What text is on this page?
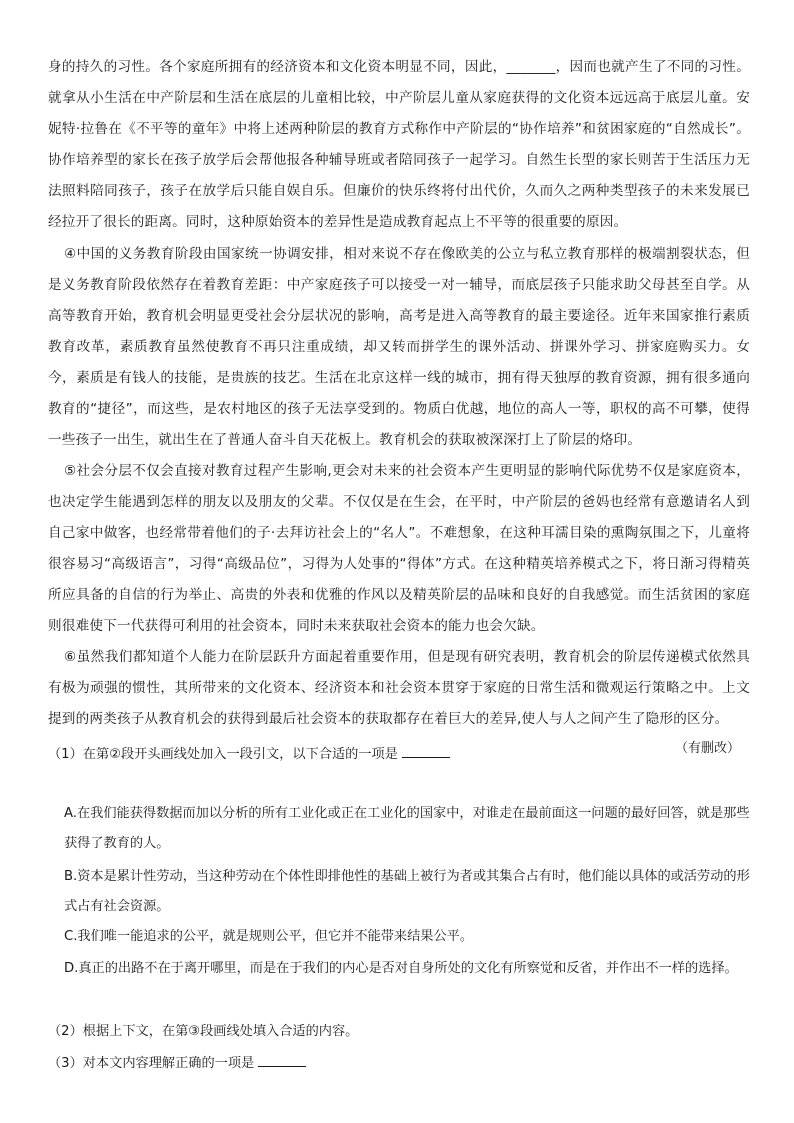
身的持久的习性。各个家庭所拥有的经济资本和文化资本明显不同，因此，_______，因而也就产生了不同的习性。就拿从小生活在中产阶层和生活在底层的儿童相比较，中产阶层儿童从家庭获得的文化资本远远高于底层儿童。安妮特·拉鲁在《不平等的童年》中将上述两种阶层的教育方式称作中产阶层的“协作培养”和贫困家庭的“自然成长”。协作培养型的家长在孩子放学后会帮他报各种辅导班或者陪同孩子一起学习。自然生长型的家长则苦于生活压力无法照料陪同孩子，孩子在放学后只能自娱自乐。但廉价的快乐终将付出代价，久而久之两种类型孩子的未来发展已经拉开了很长的距离。同时，这种原始资本的差异性是造成教育起点上不平等的很重要的原因。

④中国的义务教育阶段由国家统一协调安排，相对来说不存在像欧美的公立与私立教育那样的极端割裂状态，但是义务教育阶段依然存在着教育差距：中产家庭孩子可以接受一对一辅导，而底层孩子只能求助父母甚至自学。从高等教育开始，教育机会明显更受社会分层状况的影响，高考是进入高等教育的最主要途径。近年来国家推行素质教育改革，素质教育虽然使教育不再只注重成绩，却又转而拼学生的课外活动、拼课外学习、拼家庭购买力。女今，素质是有钱人的技能，是贵族的技艺。生活在北京这样一线的城市，拥有得天独厚的教育资源，拥有很多通向教育的“捷径”，而这些，是农村地区的孩子无法享受到的。物质白优越，地位的高人一等，职权的高不可攀，使得一些孩子一出生，就出生在了普通人奋斗自天花板上。教育机会的获取被深深打上了阶层的烙印。

⑤社会分层不仅会直接对教育过程产生影响,更会对未来的社会资本产生更明显的影响代际优势不仅是家庭资本，也决定学生能遇到怎样的朋友以及朋友的父辈。不仅仅是在生会，在平时，中产阶层的爸妈也经常有意邀请名人到自己家中做客，也经常带着他们的子·去拜访社会上的“名人”。不难想象，在这种耳濡目染的熏陶氛围之下，儿童将很容易习“高级语言”，习得“高级品位”，习得为人处事的“得体”方式。在这种精英培养模式之下，将日渐习得精英所应具备的自信的行为举止、高贵的外表和优雅的作风以及精英阶层的品味和良好的自我感觉。而生活贫困的家庭则很难使下一代获得可利用的社会资本，同时未来获取社会资本的能力也会欠缺。

⑥虽然我们都知道个人能力在阶层跃升方面起着重要作用，但是现有研究表明，教育机会的阶层传递模式依然具有极为顽强的惯性，其所带来的文化资本、经济资本和社会资本贯穿于家庭的日常生活和微观运行策略之中。上文提到的两类孩子从教育机会的获得到最后社会资本的获取都存在着巨大的差异,使人与人之间产生了隐形的区分。

（有删改）

（1）在第②段开头画线处加入一段引文，以下合适的一项是

A.在我们能获得数据而加以分析的所有工业化或正在工业化的国家中，对谁走在最前面这一问题的最好回答，就是那些获得了教育的人。

B.资本是累计性劳动，当这种劳动在个体性即排他性的基础上被行为者或其集合占有时，他们能以具体的或活劳动的形式占有社会资源。

C.我们唯一能追求的公平，就是规则公平，但它并不能带来结果公平。

D.真正的出路不在于离开哪里，而是在于我们的内心是否对自身所处的文化有所察觉和反省，并作出不一样的选择。

（2）根据上下文，在第③段画线处填入合适的内容。

（3）对本文内容理解正确的一项是
